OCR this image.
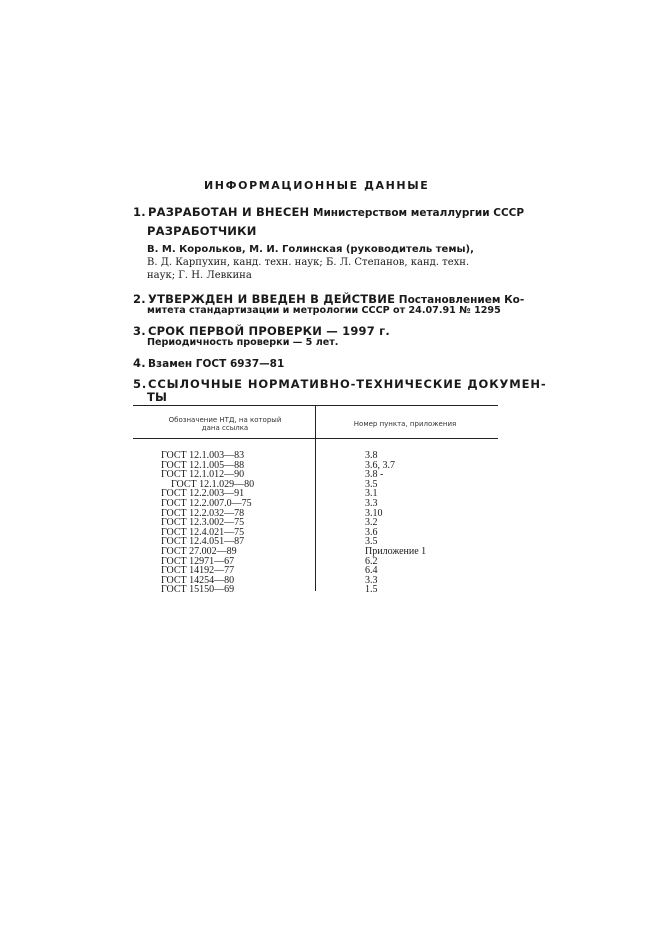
ИНФОРМАЦИОННЫЕ ДАННЫЕ
1. РАЗРАБОТАН И ВНЕСЕН Министерством металлургии СССР
РАЗРАБОТЧИКИ
В. М. Корольков, М. И. Голинская (руководитель темы),
В. Д. Карпухин, канд. техн. наук; Б. Л. Степанов, канд. техн.
наук; Г. Н. Левкина
2. УТВЕРЖДЕН И ВВЕДЕН В ДЕЙСТВИЕ Постановлением Ко-
митета стандартизации и метрологии СССР от 24.07.91 № 1295
3. СРОК ПЕРВОЙ ПРОВЕРКИ — 1997 г.
Периодичность проверки — 5 лет.
4. Взамен ГОСТ 6937—81
5.ССЫЛОЧНЫЕ НОРМАТИВНО-ТЕХНИЧЕСКИЕ ДОКУМЕН-
ТЫ
Обозначение НТД, на который
дана ссылка	Номер пункта, приложения
ГОСТ 12.1.003—83
ГОСТ 12.1.005—88
ГОСТ 12.1.012—90
ГОСТ 12.1.029—80
ГОСТ 12.2.003—91
ГОСТ 12.2.007.0—75
ГОСТ 12.2.032—78
ГОСТ 12.3.002—75
ГОСТ 12.4.021—75
ГОСТ 12.4.051—87
ГОСТ 27.002—89
ГОСТ 12971—67
ГОСТ 14192—77
ГОСТ 14254—80
ГОСТ 15150—69
3.8
3.6, 3.7
3.8 -
3.5
3.1
3.3
3.10
3.2
3.6
3.5
Приложение 1
6.2
6.4
3.3
1.5
